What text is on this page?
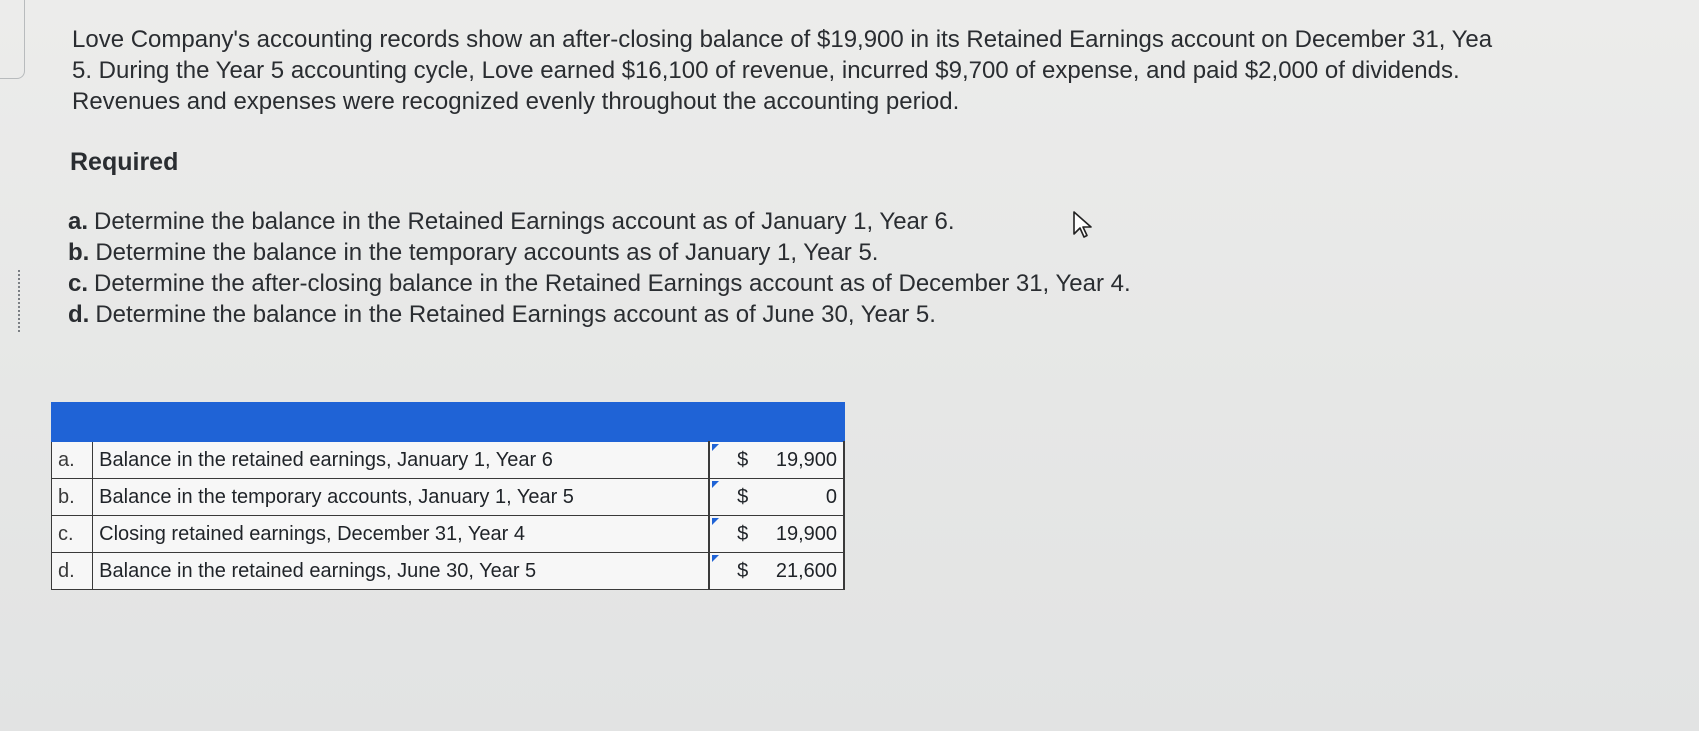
Love Company's accounting records show an after-closing balance of $19,900 in its Retained Earnings account on December 31, Yea

5. During the Year 5 accounting cycle, Love earned $16,100 of revenue, incurred $9,700 of expense, and paid $2,000 of dividends.

Revenues and expenses were recognized evenly throughout the accounting period.

Required
a. Determine the balance in the Retained Earnings account as of January 1, Year 6.
b. Determine the balance in the temporary accounts as of January 1, Year 5.
c. Determine the after-closing balance in the Retained Earnings account as of December 31, Year 4.
d. Determine the balance in the Retained Earnings account as of June 30, Year 5.

a.	Balance in the retained earnings, January 1, Year 6	$	19,900
b.	Balance in the temporary accounts, January 1, Year 5	$	0
c.	Closing retained earnings, December 31, Year 4	$	19,900
d.	Balance in the retained earnings, June 30, Year 5	$	21,600
